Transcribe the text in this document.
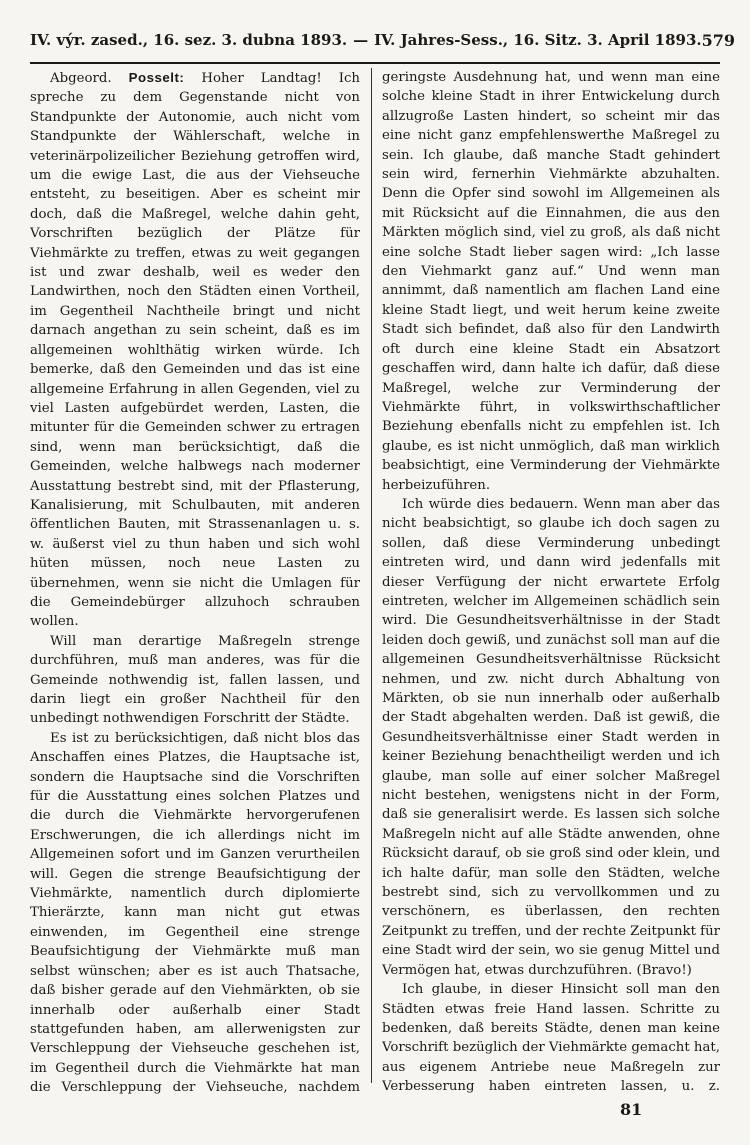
IV. výr. zased., 16. sez. 3. dubna 1893. — IV. Jahres-Sess., 16. Sitz. 3. April 1893. 579

Abgeord. Posselt: Hoher Landtag! Ich spreche zu dem Gegenstande nicht von Standpunkte der Autonomie, auch nicht vom Standpunkte der Wählerschaft, welche in veterinärpolizeilicher Beziehung getroffen wird, um die ewige Last, die aus der Viehseuche entsteht, zu beseitigen. Aber es scheint mir doch, daß die Maßregel, welche dahin geht, Vorschriften bezüglich der Plätze für Viehmärkte zu treffen, etwas zu weit gegangen ist und zwar deshalb, weil es weder den Landwirthen, noch den Städten einen Vortheil, im Gegentheil Nachtheile bringt und nicht darnach angethan zu sein scheint, daß es im allgemeinen wohlthätig wirken würde. Ich bemerke, daß den Gemeinden und das ist eine allgemeine Erfahrung in allen Gegenden, viel zu viel Lasten aufgebürdet werden, Lasten, die mitunter für die Gemeinden schwer zu ertragen sind, wenn man berücksichtigt, daß die Gemeinden, welche halbwegs nach moderner Ausstattung bestrebt sind, mit der Pflasterung, Kanalisierung, mit Schulbauten, mit anderen öffentlichen Bauten, mit Strassenanlagen u. s. w. äußerst viel zu thun haben und sich wohl hüten müssen, noch neue Lasten zu übernehmen, wenn sie nicht die Umlagen für die Gemeindebürger allzuhoch schrauben wollen.

Will man derartige Maßregeln strenge durchführen, muß man anderes, was für die Gemeinde nothwendig ist, fallen lassen, und darin liegt ein großer Nachtheil für den unbedingt nothwendigen Forschritt der Städte.

Es ist zu berücksichtigen, daß nicht blos das Anschaffen eines Platzes, die Hauptsache ist, sondern die Hauptsache sind die Vorschriften für die Ausstattung eines solchen Platzes und die durch die Viehmärkte hervorgerufenen Erschwerungen, die ich allerdings nicht im Allgemeinen sofort und im Ganzen verurtheilen will. Gegen die strenge Beaufsichtigung der Viehmärkte, namentlich durch diplomierte Thierärzte, kann man nicht gut etwas einwenden, im Gegentheil eine strenge Beaufsichtigung der Viehmärkte muß man selbst wünschen; aber es ist auch Thatsache, daß bisher gerade auf den Viehmärkten, ob sie innerhalb oder außerhalb einer Stadt stattgefunden haben, am allerwenigsten zur Verschleppung der Viehseuche geschehen ist, im Gegentheil durch die Viehmärkte hat man die Verschleppung der Viehseuche, nachdem

geringste Ausdehnung hat, und wenn man eine solche kleine Stadt in ihrer Entwickelung durch allzugroße Lasten hindert, so scheint mir das eine nicht ganz empfehlenswerthe Maßregel zu sein. Ich glaube, daß manche Stadt gehindert sein wird, fernerhin Viehmärkte abzuhalten. Denn die Opfer sind sowohl im Allgemeinen als mit Rücksicht auf die Einnahmen, die aus den Märkten möglich sind, viel zu groß, als daß nicht eine solche Stadt lieber sagen wird: „Ich lasse den Viehmarkt ganz auf.“ Und wenn man annimmt, daß namentlich am flachen Land eine kleine Stadt liegt, und weit herum keine zweite Stadt sich befindet, daß also für den Landwirth oft durch eine kleine Stadt ein Absatzort geschaffen wird, dann halte ich dafür, daß diese Maßregel, welche zur Verminderung der Viehmärkte führt, in volkswirthschaftlicher Beziehung ebenfalls nicht zu empfehlen ist. Ich glaube, es ist nicht unmöglich, daß man wirklich beabsichtigt, eine Verminderung der Viehmärkte herbeizuführen.

Ich würde dies bedauern. Wenn man aber das nicht beabsichtigt, so glaube ich doch sagen zu sollen, daß diese Verminderung unbedingt eintreten wird, und dann wird jedenfalls mit dieser Verfügung der nicht erwartete Erfolg eintreten, welcher im Allgemeinen schädlich sein wird. Die Gesundheitsverhältnisse in der Stadt leiden doch gewiß, und zunächst soll man auf die allgemeinen Gesundheitsverhältnisse Rücksicht nehmen, und zw. nicht durch Abhaltung von Märkten, ob sie nun innerhalb oder außerhalb der Stadt abgehalten werden. Daß ist gewiß, die Gesundheitsverhältnisse einer Stadt werden in keiner Beziehung benachtheiligt werden und ich glaube, man solle auf einer solcher Maßregel nicht bestehen, wenigstens nicht in der Form, daß sie generalisirt werde. Es lassen sich solche Maßregeln nicht auf alle Städte anwenden, ohne Rücksicht darauf, ob sie groß sind oder klein, und ich halte dafür, man solle den Städten, welche bestrebt sind, sich zu vervollkommen und zu verschönern, es überlassen, den rechten Zeitpunkt zu treffen, und der rechte Zeitpunkt für eine Stadt wird der sein, wo sie genug Mittel und Vermögen hat, etwas durchzuführen. (Bravo!)

Ich glaube, in dieser Hinsicht soll man den Städten etwas freie Hand lassen. Schritte zu bedenken, daß bereits Städte, denen man keine Vorschrift bezüglich der Viehmärkte gemacht hat, aus eigenem Antriebe neue Maßregeln zur Verbesserung haben eintreten lassen, u. z.

81
